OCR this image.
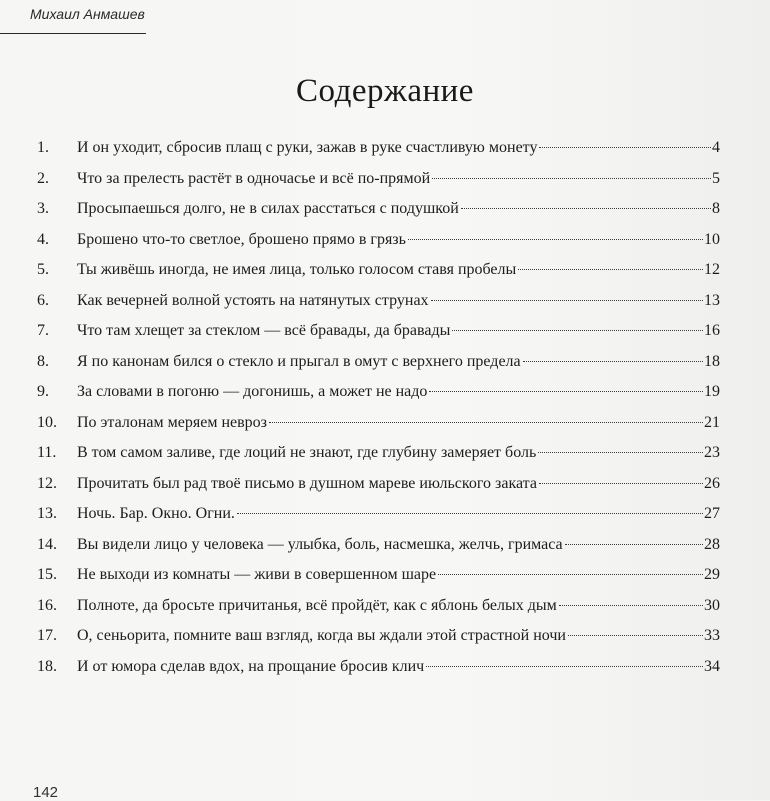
Михаил Анмашев
Содержание
1.	И он уходит, сбросив плащ с руки, зажав в руке счастливую монету	4
2.	Что за прелесть растёт в одночасье и всё по-прямой	5
3.	Просыпаешься долго, не в силах расстаться с подушкой	8
4.	Брошено что-то светлое, брошено прямо в грязь	10
5.	Ты живёшь иногда, не имея лица, только голосом ставя пробелы	12
6.	Как вечерней волной устоять на натянутых струнах	13
7.	Что там хлещет за стеклом — всё бравады, да бравады	16
8.	Я по канонам бился о стекло и прыгал в омут с верхнего предела	18
9.	За словами в погоню — догонишь, а может не надо	19
10.	По эталонам меряем невроз	21
11.	В том самом заливе, где лоций не знают, где глубину замеряет боль	23
12.	Прочитать был рад твоё письмо в душном мареве июльского заката	26
13.	Ночь. Бар. Окно. Огни.	27
14.	Вы видели лицо у человека — улыбка, боль, насмешка, желчь, гримаса	28
15.	Не выходи из комнаты — живи в совершенном шаре	29
16.	Полноте, да бросьте причитанья, всё пройдёт, как с яблонь белых дым	30
17.	О, сеньорита, помните ваш взгляд, когда вы ждали этой страстной ночи	33
18.	И от юмора сделав вдох, на прощание бросив клич	34
142
